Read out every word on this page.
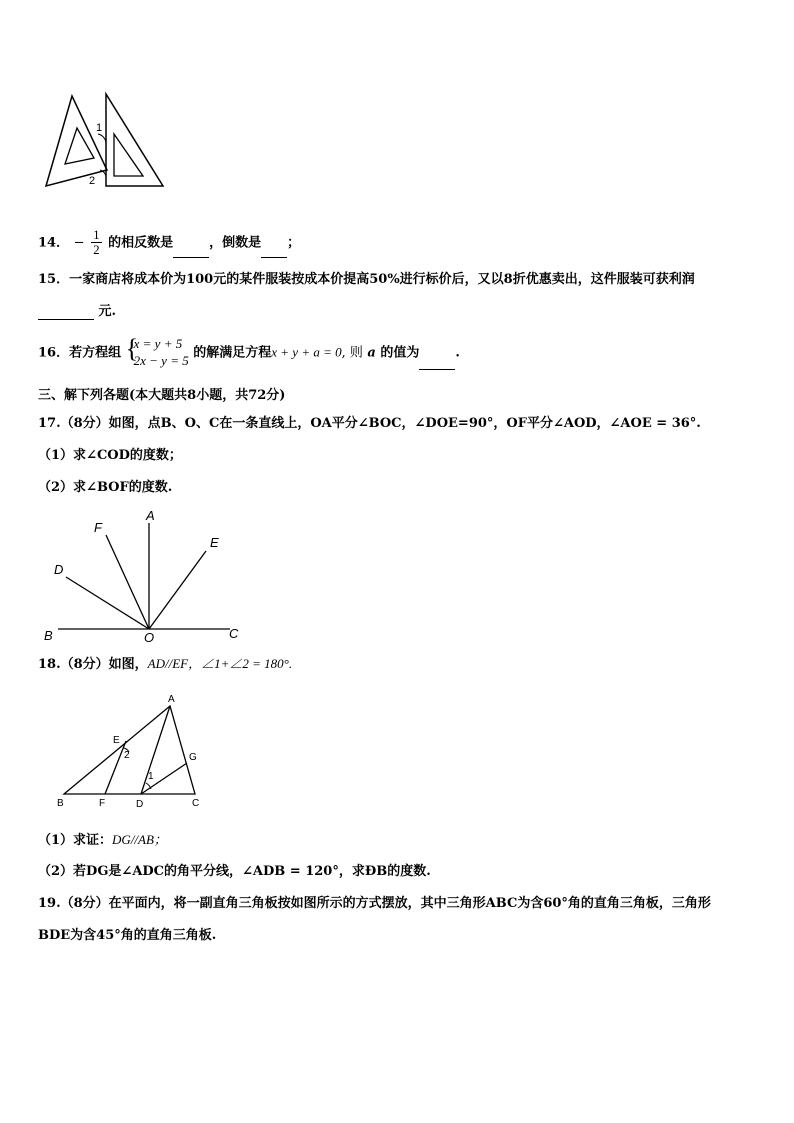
1
2
14． − $\frac{1}{2}$ 的相反数是	，倒数是 ；
15．一家商店将成本价为100元的某件服装按成本价提高50%进行标价后，又以8折优惠卖出，这件服装可获利润
元.
16．若方程组 {
x = y + 5
2x − y = 5 的解满足方程x + y + a = 0, 则 a 的值为	.
三、解下列各题(本大题共8小题，共72分)
17.（8分）如图，点B、O、C在一条直线上，OA平分∠BOC，∠DOE=90°，OF平分∠AOD，∠AOE = 36°.
（1）求∠COD的度数；
（2）求∠BOF的度数.
A
F
E
D
B	O	C
18.（8分）如图，AD//EF，∠1+∠2 = 180°.
A
E
2	G
1
B	F	D	C
（1）求证：DG//AB；
（2）若DG是∠ADC的角平分线，∠ADB = 120°，求ÐB的度数.
19.（8分）在平面内，将一副直角三角板按如图所示的方式摆放，其中三角形ABC为含60°角的直角三角板，三角形
BDE为含45°角的直角三角板.
